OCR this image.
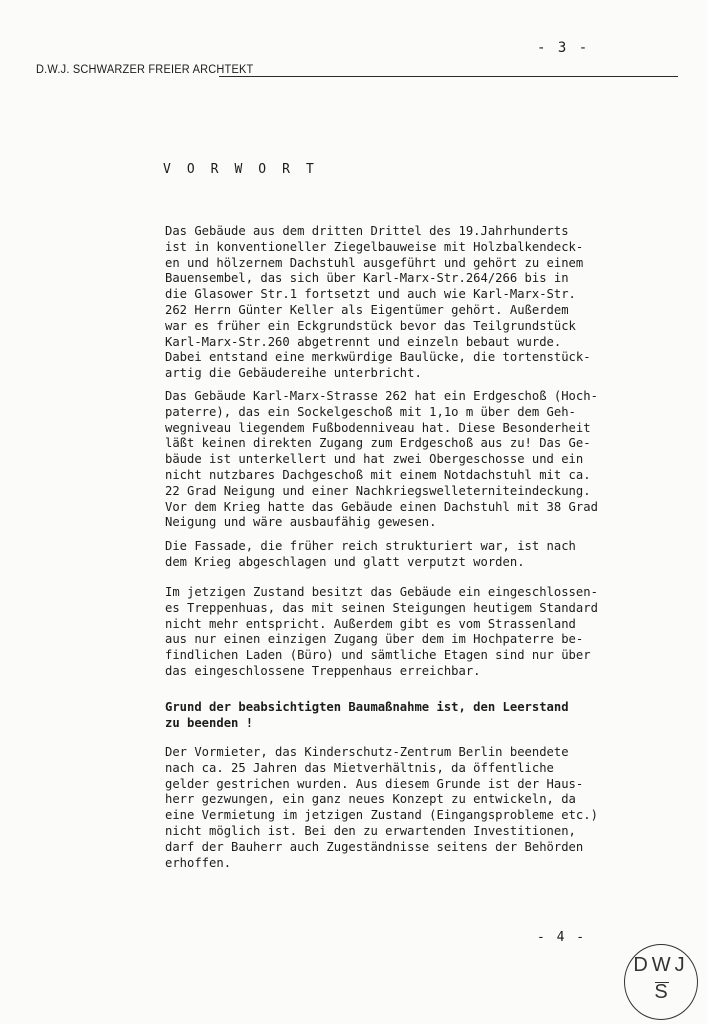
- 3 -
D.W.J. SCHWARZER FREIER ARCHTEKT
VORWORT
Das Gebäude aus dem dritten Drittel des 19.Jahrhunderts
ist in konventioneller Ziegelbauweise mit Holzbalkendeck-
en und hölzernem Dachstuhl ausgeführt und gehört zu einem
Bauensembel, das sich über Karl-Marx-Str.264/266 bis in
die Glasower Str.1 fortsetzt und auch wie Karl-Marx-Str.
262 Herrn Günter Keller als Eigentümer gehört. Außerdem
war es früher ein Eckgrundstück bevor das Teilgrundstück
Karl-Marx-Str.260 abgetrennt und einzeln bebaut wurde.
Dabei entstand eine merkwürdige Baulücke, die tortenstück-
artig die Gebäudereihe unterbricht.
Das Gebäude Karl-Marx-Strasse 262 hat ein Erdgeschoß (Hoch-
paterre), das ein Sockelgeschoß mit 1,1o m über dem Geh-
wegniveau liegendem Fußbodenniveau hat. Diese Besonderheit
läßt keinen direkten Zugang zum Erdgeschoß aus zu! Das Ge-
bäude ist unterkellert und hat zwei Obergeschosse und ein
nicht nutzbares Dachgeschoß mit einem Notdachstuhl mit ca.
22 Grad Neigung und einer Nachkriegswelleterniteindeckung.
Vor dem Krieg hatte das Gebäude einen Dachstuhl mit 38 Grad
Neigung und wäre ausbaufähig gewesen.
Die Fassade, die früher reich strukturiert war, ist nach
dem Krieg abgeschlagen und glatt verputzt worden.
Im jetzigen Zustand besitzt das Gebäude ein eingeschlossen-
es Treppenhuas, das mit seinen Steigungen heutigem Standard
nicht mehr entspricht. Außerdem gibt es vom Strassenland
aus nur einen einzigen Zugang über dem im Hochpaterre be-
findlichen Laden (Büro) und sämtliche Etagen sind nur über
das eingeschlossene Treppenhaus erreichbar.
Grund der beabsichtigten Baumaßnahme ist, den Leerstand
zu beenden !
Der Vormieter, das Kinderschutz-Zentrum Berlin beendete
nach ca. 25 Jahren das Mietverhältnis, da öffentliche
gelder gestrichen wurden. Aus diesem Grunde ist der Haus-
herr gezwungen, ein ganz neues Konzept zu entwickeln, da
eine Vermietung im jetzigen Zustand (Eingangsprobleme etc.)
nicht möglich ist. Bei den zu erwartenden Investitionen,
darf der Bauherr auch Zugeständnisse seitens der Behörden
erhoffen.
- 4 -
DWJ
S
